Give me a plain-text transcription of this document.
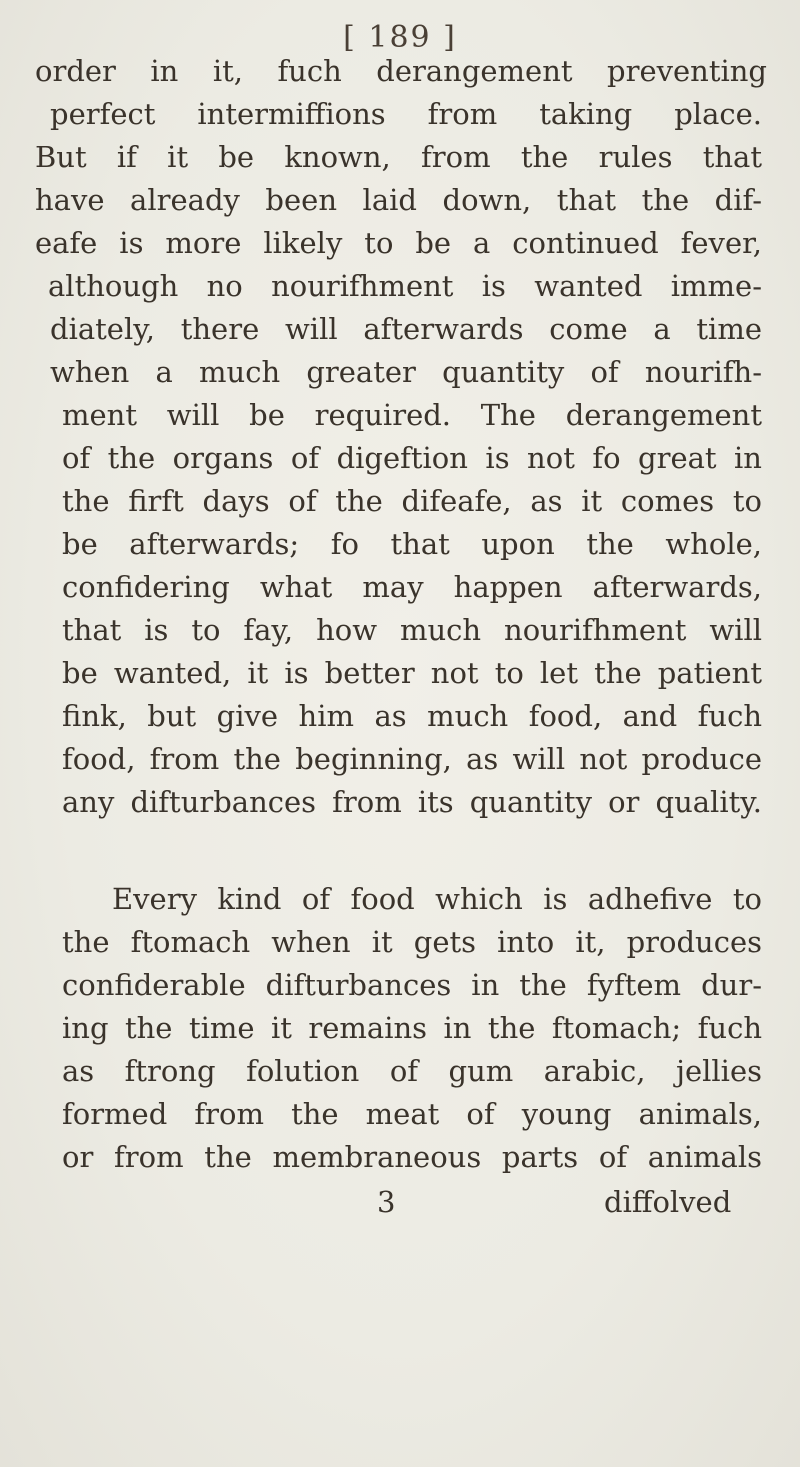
[ 189 ]
order in it, fuch derangement preventing
perfect intermiffions from taking place.
But if it be known, from the rules that
have already been laid down, that the dif-
eafe is more likely to be a continued fever,
although no nourifhment is wanted imme-
diately, there will afterwards come a time
when a much greater quantity of nourifh-
ment will be required. The derangement
of the organs of digeftion is not fo great in
the firft days of the difeafe, as it comes to
be afterwards; fo that upon the whole,
confidering what may happen afterwards,
that is to fay, how much nourifhment will
be wanted, it is better not to let the patient
fink, but give him as much food, and fuch
food, from the beginning, as will not produce
any difturbances from its quantity or quality.
Every kind of food which is adhefive to
the ftomach when it gets into it, produces
confiderable difturbances in the fyftem dur-
ing the time it remains in the ftomach; fuch
as ftrong folution of gum arabic, jellies
formed from the meat of young animals,
or from the membraneous parts of animals
3	diffolved
